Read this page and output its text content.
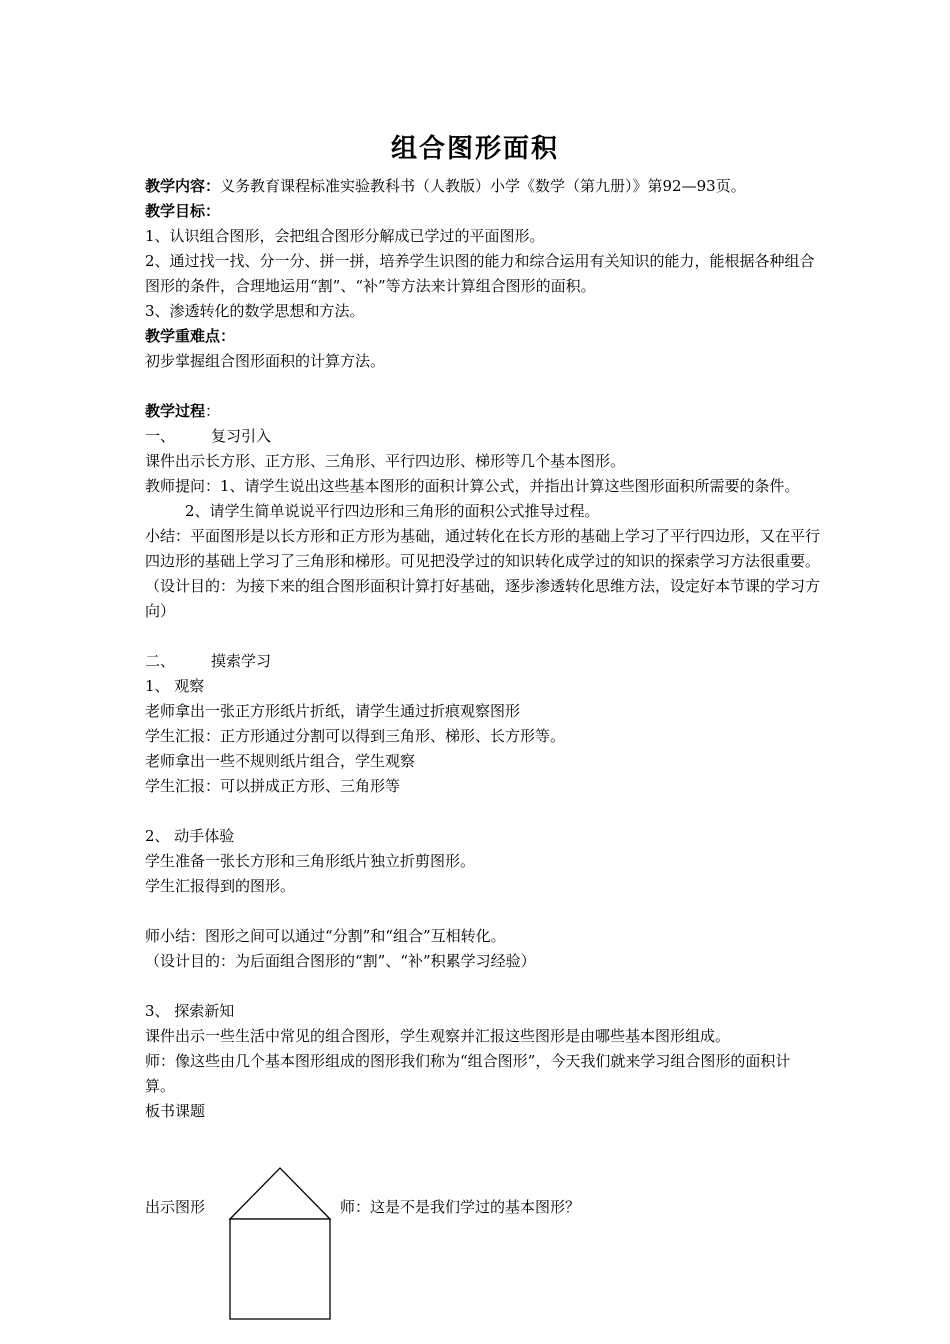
组合图形面积

教学内容：义务教育课程标准实验教科书（人教版）小学《数学（第九册）》第92—93页。

教学目标：

1、认识组合图形，会把组合图形分解成已学过的平面图形。

2、通过找一找、分一分、拼一拼，培养学生识图的能力和综合运用有关知识的能力，能根据各种组合图形的条件，合理地运用“割”、“补”等方法来计算组合图形的面积。

3、渗透转化的数学思想和方法。

教学重难点：

初步掌握组合图形面积的计算方法。

教学过程：

一、 复习引入

课件出示长方形、正方形、三角形、平行四边形、梯形等几个基本图形。

教师提问：1、请学生说出这些基本图形的面积计算公式，并指出计算这些图形面积所需要的条件。

2、请学生简单说说平行四边形和三角形的面积公式推导过程。

小结：平面图形是以长方形和正方形为基础，通过转化在长方形的基础上学习了平行四边形，又在平行四边形的基础上学习了三角形和梯形。可见把没学过的知识转化成学过的知识的探索学习方法很重要。

（设计目的：为接下来的组合图形面积计算打好基础，逐步渗透转化思维方法，设定好本节课的学习方向）

二、 摸索学习

1、 观察

老师拿出一张正方形纸片折纸，请学生通过折痕观察图形

学生汇报：正方形通过分割可以得到三角形、梯形、长方形等。

老师拿出一些不规则纸片组合，学生观察

学生汇报：可以拼成正方形、三角形等

2、 动手体验

学生准备一张长方形和三角形纸片独立折剪图形。

学生汇报得到的图形。

师小结：图形之间可以通过“分割”和“组合”互相转化。

（设计目的：为后面组合图形的“割”、“补”积累学习经验）

3、 探索新知

课件出示一些生活中常见的组合图形，学生观察并汇报这些图形是由哪些基本图形组成。

师：像这些由几个基本图形组成的图形我们称为“组合图形”，今天我们就来学习组合图形的面积计算。

板书课题

出示图形	师：这是不是我们学过的基本图形？
